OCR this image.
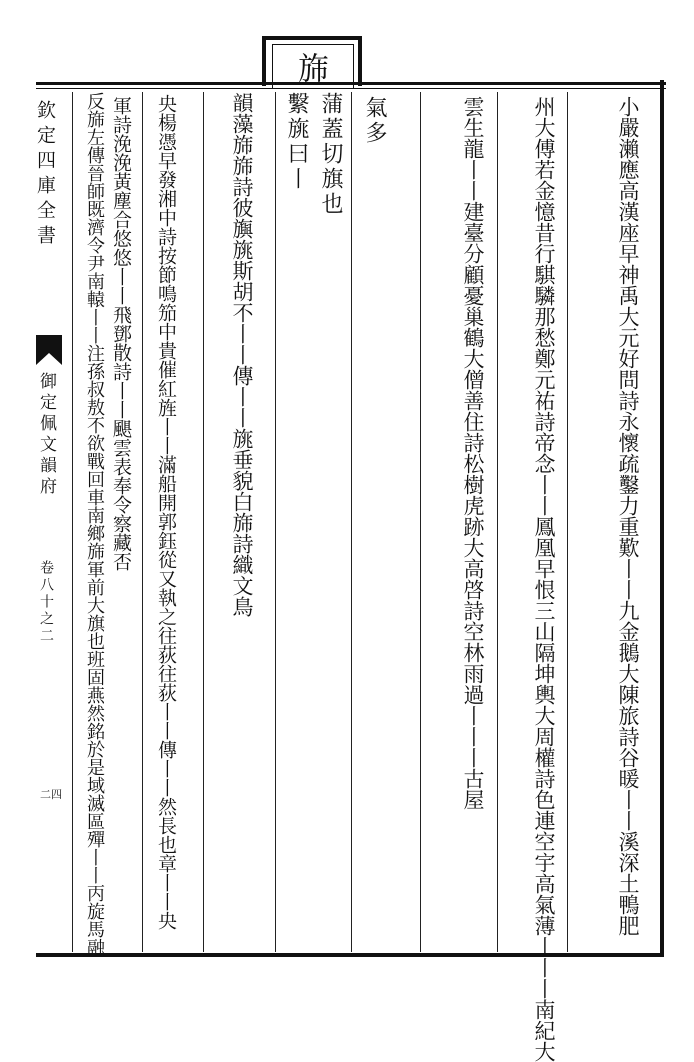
欽定四庫全書
御定佩文韻府
卷八十之二
二四
旆
小嚴瀨應高漢座早神禹大元好問詩永懷疏鑿力重歎丨丨九金鵝大陳旅詩谷暖丨丨溪深土鴨肥
州大傅若金憶昔行騏驎那愁鄭元祐詩帝念丨丨鳳凰早恨三山隔坤輿大周權詩色連空宇高氣薄丨丨丨南紀大
雲生龍丨丨建臺分顧憂巢鶴大僧善住詩松樹虎跡大高啓詩空林雨過丨丨丨古屋
氣多
蒲蓋切旗也
繫旐曰丨
韻藻旆旆詩彼旟旐斯胡不丨丨傳丨丨旐垂貌白旆詩織文鳥
央楊憑早發湘中詩按節鳴笳中貴催紅旌丨丨滿船開郭鈺從又執之往荻往荻丨丨傳丨丨然長也章丨丨央
軍詩浼浼黃塵合悠悠丨丨飛鄧散詩丨丨颶雲表奉令察藏否
反旆左傳晉師既濟令尹南轅丨丨注孫叔敖不欲戰回車南鄉旆軍前大旗也班固燕然銘於是域滅區殫丨丨丙旋馬融
